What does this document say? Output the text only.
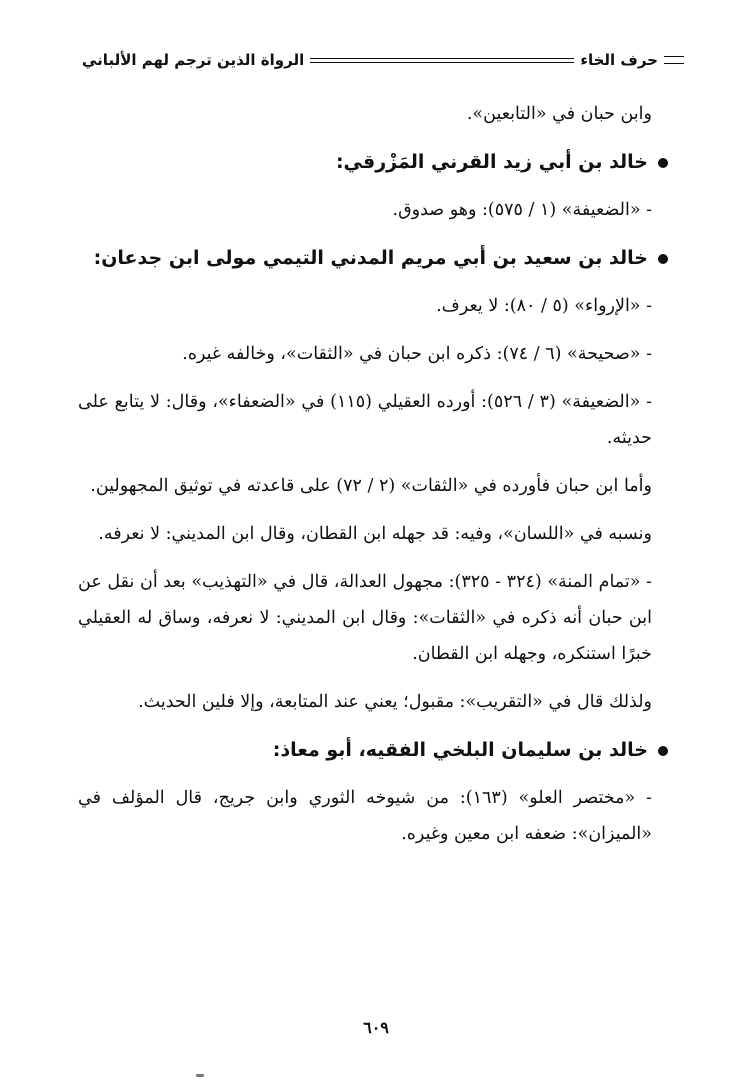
حرف الخاء
الرواة الذين ترجم لهم الألباني

وابن حبان في «التابعين».

خالد بن أبي زيد القرني المَزْرقي:

- «الضعيفة» (١ / ٥٧٥): وهو صدوق.

خالد بن سعيد بن أبي مريم المدني التيمي مولى ابن جدعان:

- «الإرواء» (٥ / ٨٠): لا يعرف.

- «صحيحة» (٦ / ٧٤): ذكره ابن حبان في «الثقات»، وخالفه غيره.

- «الضعيفة» (٣ / ٥٢٦): أورده العقيلي (١١٥) في «الضعفاء»، وقال: لا يتابع على حديثه.

وأما ابن حبان فأورده في «الثقات» (٢ / ٧٢) على قاعدته في توثيق المجهولين.

ونسبه في «اللسان»، وفيه: قد جهله ابن القطان، وقال ابن المديني: لا نعرفه.

- «تمام المنة» (٣٢٤ - ٣٢٥): مجهول العدالة، قال في «التهذيب» بعد أن نقل عن ابن حبان أنه ذكره في «الثقات»: وقال ابن المديني: لا نعرفه، وساق له العقيلي خبرًا استنكره، وجهله ابن القطان.

ولذلك قال في «التقريب»: مقبول؛ يعني عند المتابعة، وإلا فلين الحديث.

خالد بن سليمان البلخي الفقيه، أبو معاذ:

- «مختصر العلو» (١٦٣): من شيوخه الثوري وابن جريج، قال المؤلف في «الميزان»: ضعفه ابن معين وغيره.

٦٠٩
